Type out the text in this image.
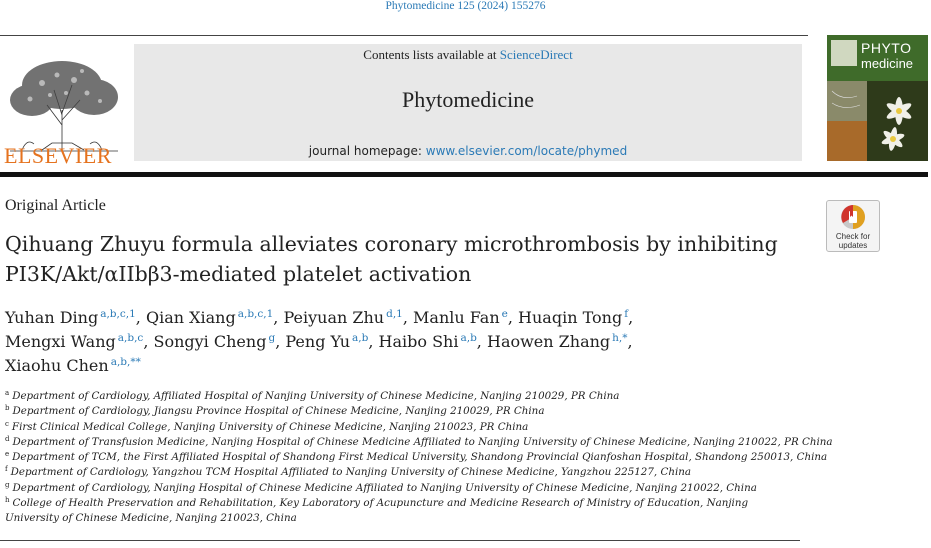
Phytomedicine 125 (2024) 155276
ELSEVIER
Contents lists available at ScienceDirect
Phytomedicine
journal homepage: www.elsevier.com/locate/phymed
PHYTO
medicine
Original Article
Qihuang Zhuyu formula alleviates coronary microthrombosis by inhibiting PI3K/Akt/αIIbβ3-mediated platelet activation
Check for
updates
Yuhan Ding $^{a,b,c,1}$, Qian Xiang $^{a,b,c,1}$, Peiyuan Zhu $^{d,1}$, Manlu Fan $^e$, Huaqin Tong $^f$,
Mengxi Wang $^{a,b,c}$, Songyi Cheng $^g$, Peng Yu $^{a,b}$, Haibo Shi $^{a,b}$, Haowen Zhang $^{h,*}$,
Xiaohu Chen $^{a,b,**}$
$^a$ Department of Cardiology, Affiliated Hospital of Nanjing University of Chinese Medicine, Nanjing 210029, PR China
$^b$ Department of Cardiology, Jiangsu Province Hospital of Chinese Medicine, Nanjing 210029, PR China
$^c$ First Clinical Medical College, Nanjing University of Chinese Medicine, Nanjing 210023, PR China
$^d$ Department of Transfusion Medicine, Nanjing Hospital of Chinese Medicine Affiliated to Nanjing University of Chinese Medicine, Nanjing 210022, PR China
$^e$ Department of TCM, the First Affiliated Hospital of Shandong First Medical University, Shandong Provincial Qianfoshan Hospital, Shandong 250013, China
$^f$ Department of Cardiology, Yangzhou TCM Hospital Affiliated to Nanjing University of Chinese Medicine, Yangzhou 225127, China
$^g$ Department of Cardiology, Nanjing Hospital of Chinese Medicine Affiliated to Nanjing University of Chinese Medicine, Nanjing 210022, China
$^h$ College of Health Preservation and Rehabilitation, Key Laboratory of Acupuncture and Medicine Research of Ministry of Education, Nanjing University of Chinese Medicine, Nanjing 210023, China
